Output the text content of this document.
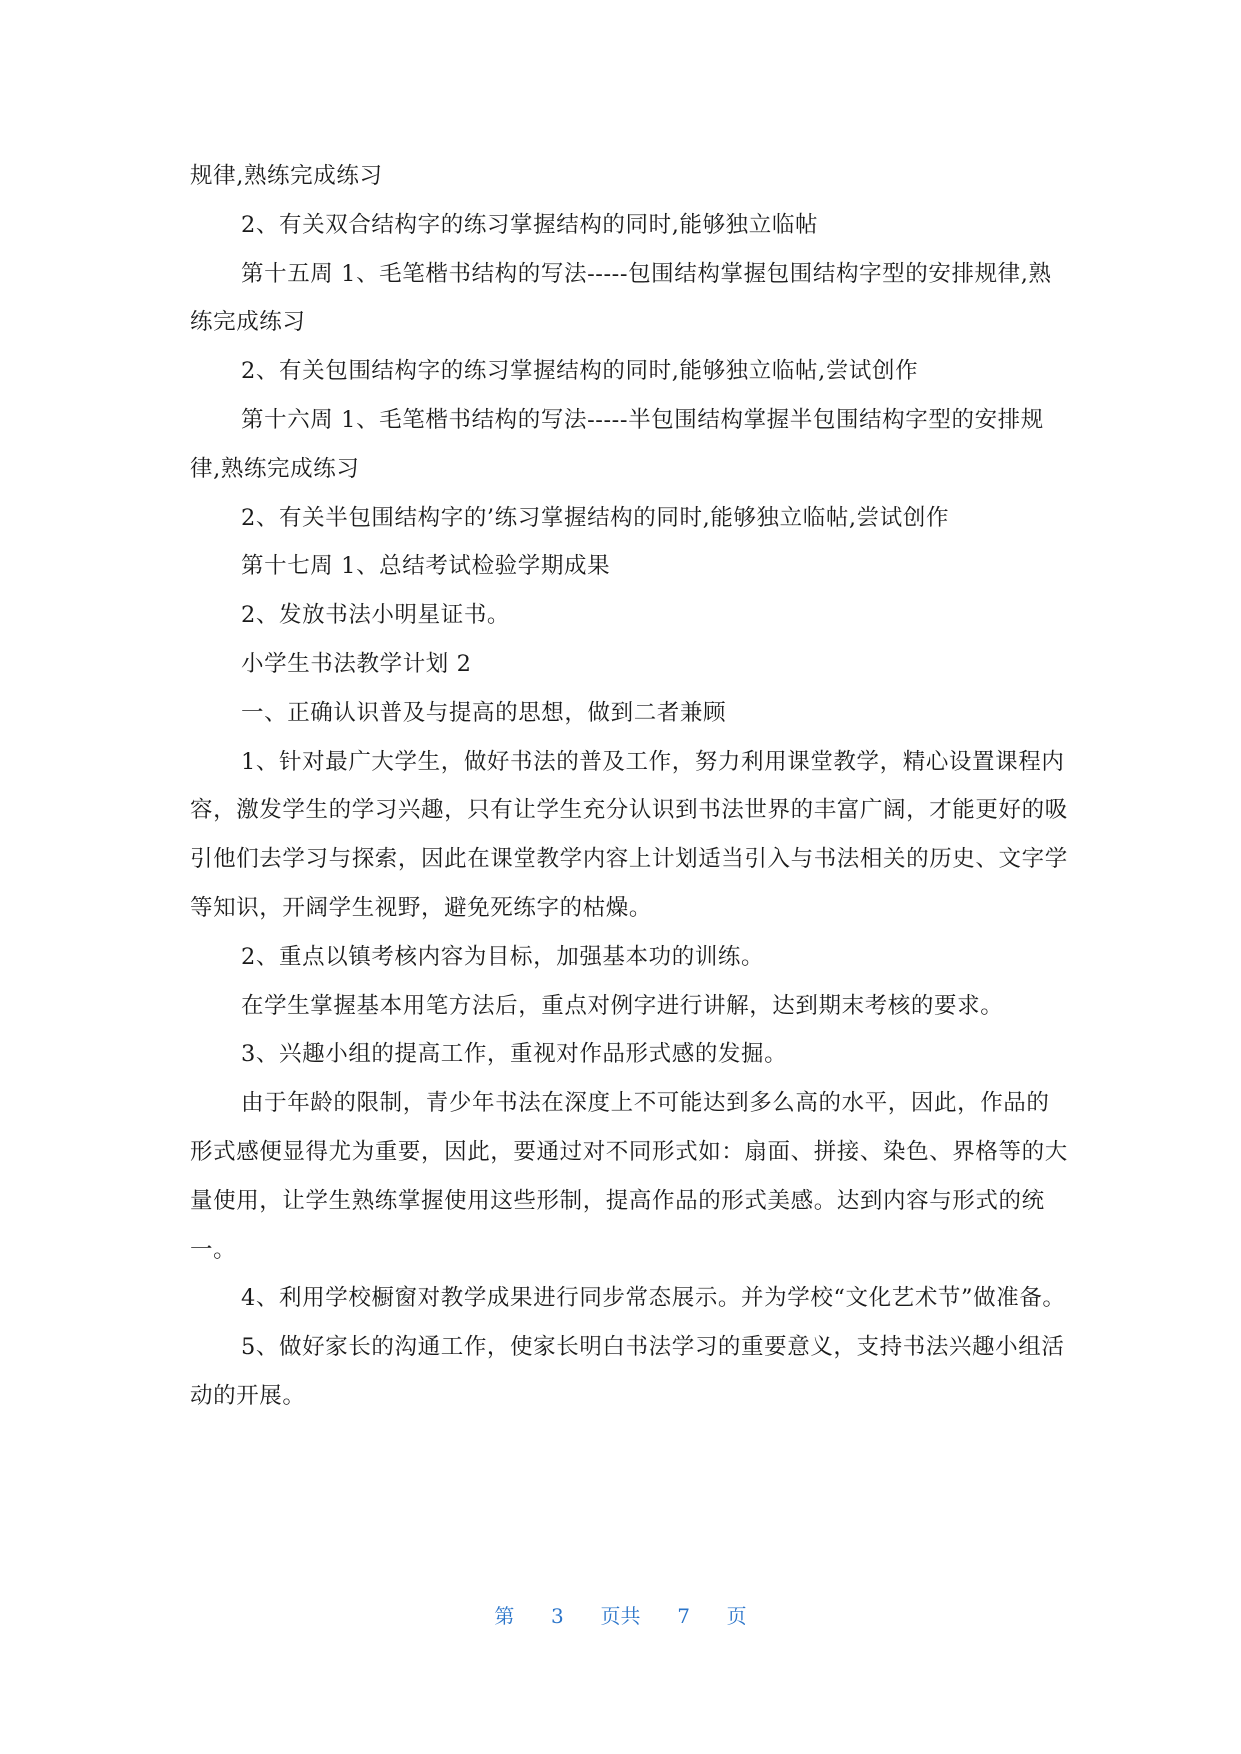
规律,熟练完成练习

2、有关双合结构字的练习掌握结构的同时,能够独立临帖

第十五周 1、毛笔楷书结构的写法-----包围结构掌握包围结构字型的安排规律,熟练完成练习

2、有关包围结构字的练习掌握结构的同时,能够独立临帖,尝试创作

第十六周 1、毛笔楷书结构的写法-----半包围结构掌握半包围结构字型的安排规律,熟练完成练习

2、有关半包围结构字的’练习掌握结构的同时,能够独立临帖,尝试创作

第十七周 1、总结考试检验学期成果

2、发放书法小明星证书。

小学生书法教学计划 2

一、正确认识普及与提高的思想，做到二者兼顾

1、针对最广大学生，做好书法的普及工作，努力利用课堂教学，精心设置课程内容，激发学生的学习兴趣，只有让学生充分认识到书法世界的丰富广阔，才能更好的吸引他们去学习与探索，因此在课堂教学内容上计划适当引入与书法相关的历史、文字学等知识，开阔学生视野，避免死练字的枯燥。

2、重点以镇考核内容为目标，加强基本功的训练。

在学生掌握基本用笔方法后，重点对例字进行讲解，达到期末考核的要求。

3、兴趣小组的提高工作，重视对作品形式感的发掘。

由于年龄的限制，青少年书法在深度上不可能达到多么高的水平，因此，作品的形式感便显得尤为重要，因此，要通过对不同形式如：扇面、拼接、染色、界格等的大量使用，让学生熟练掌握使用这些形制，提高作品的形式美感。达到内容与形式的统一。

4、利用学校橱窗对教学成果进行同步常态展示。并为学校“文化艺术节”做准备。

5、做好家长的沟通工作，使家长明白书法学习的重要意义，支持书法兴趣小组活动的开展。

第 3 页共 7 页
